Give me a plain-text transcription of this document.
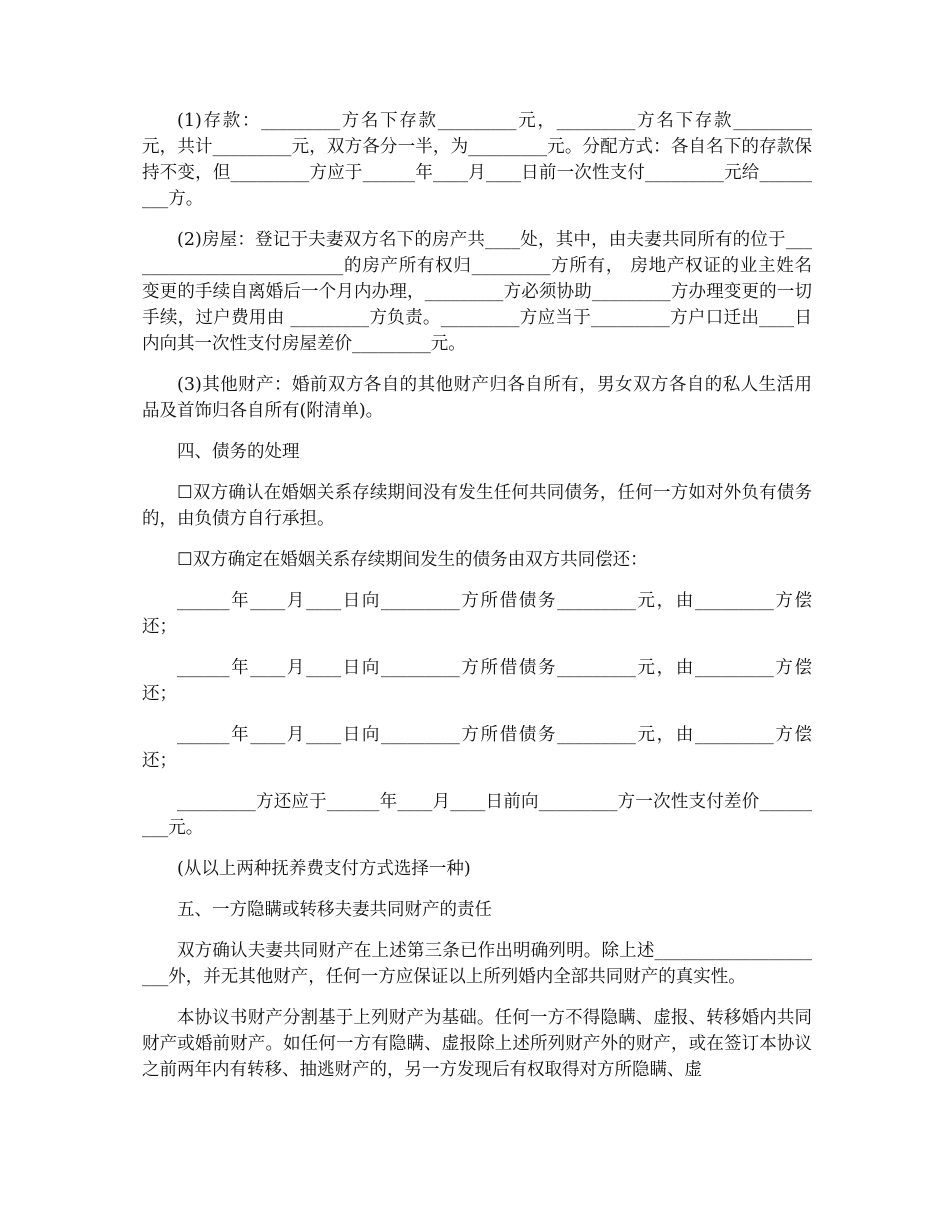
(1)存款：_________方名下存款_________元，_________方名下存款_________元，共计_________元，双方各分一半，为_________元。分配方式：各自名下的存款保持不变，但_________方应于______年____月____日前一次性支付_________元给_________方。

(2)房屋：登记于夫妻双方名下的房产共____处，其中，由夫妻共同所有的位于__________________________的房产所有权归_________方所有， 房地产权证的业主姓名变更的手续自离婚后一个月内办理，_________方必须协助_________方办理变更的一切手续，过户费用由 _________方负责。_________方应当于_________方户口迁出____日内向其一次性支付房屋差价_________元。

(3)其他财产：婚前双方各自的其他财产归各自所有，男女双方各自的私人生活用品及首饰归各自所有(附清单)。

四、债务的处理

☐双方确认在婚姻关系存续期间没有发生任何共同债务，任何一方如对外负有债务的，由负债方自行承担。

☐双方确定在婚姻关系存续期间发生的债务由双方共同偿还：

______年____月____日向_________方所借债务_________元，由_________方偿还；

______年____月____日向_________方所借债务_________元，由_________方偿还；

______年____月____日向_________方所借债务_________元，由_________方偿还；

_________方还应于______年____月____日前向_________方一次性支付差价_________元。

(从以上两种抚养费支付方式选择一种)

五、一方隐瞒或转移夫妻共同财产的责任

双方确认夫妻共同财产在上述第三条已作出明确列明。除上述_____________________外，并无其他财产，任何一方应保证以上所列婚内全部共同财产的真实性。

本协议书财产分割基于上列财产为基础。任何一方不得隐瞒、虚报、转移婚内共同财产或婚前财产。如任何一方有隐瞒、虚报除上述所列财产外的财产，或在签订本协议之前两年内有转移、抽逃财产的，另一方发现后有权取得对方所隐瞒、虚
